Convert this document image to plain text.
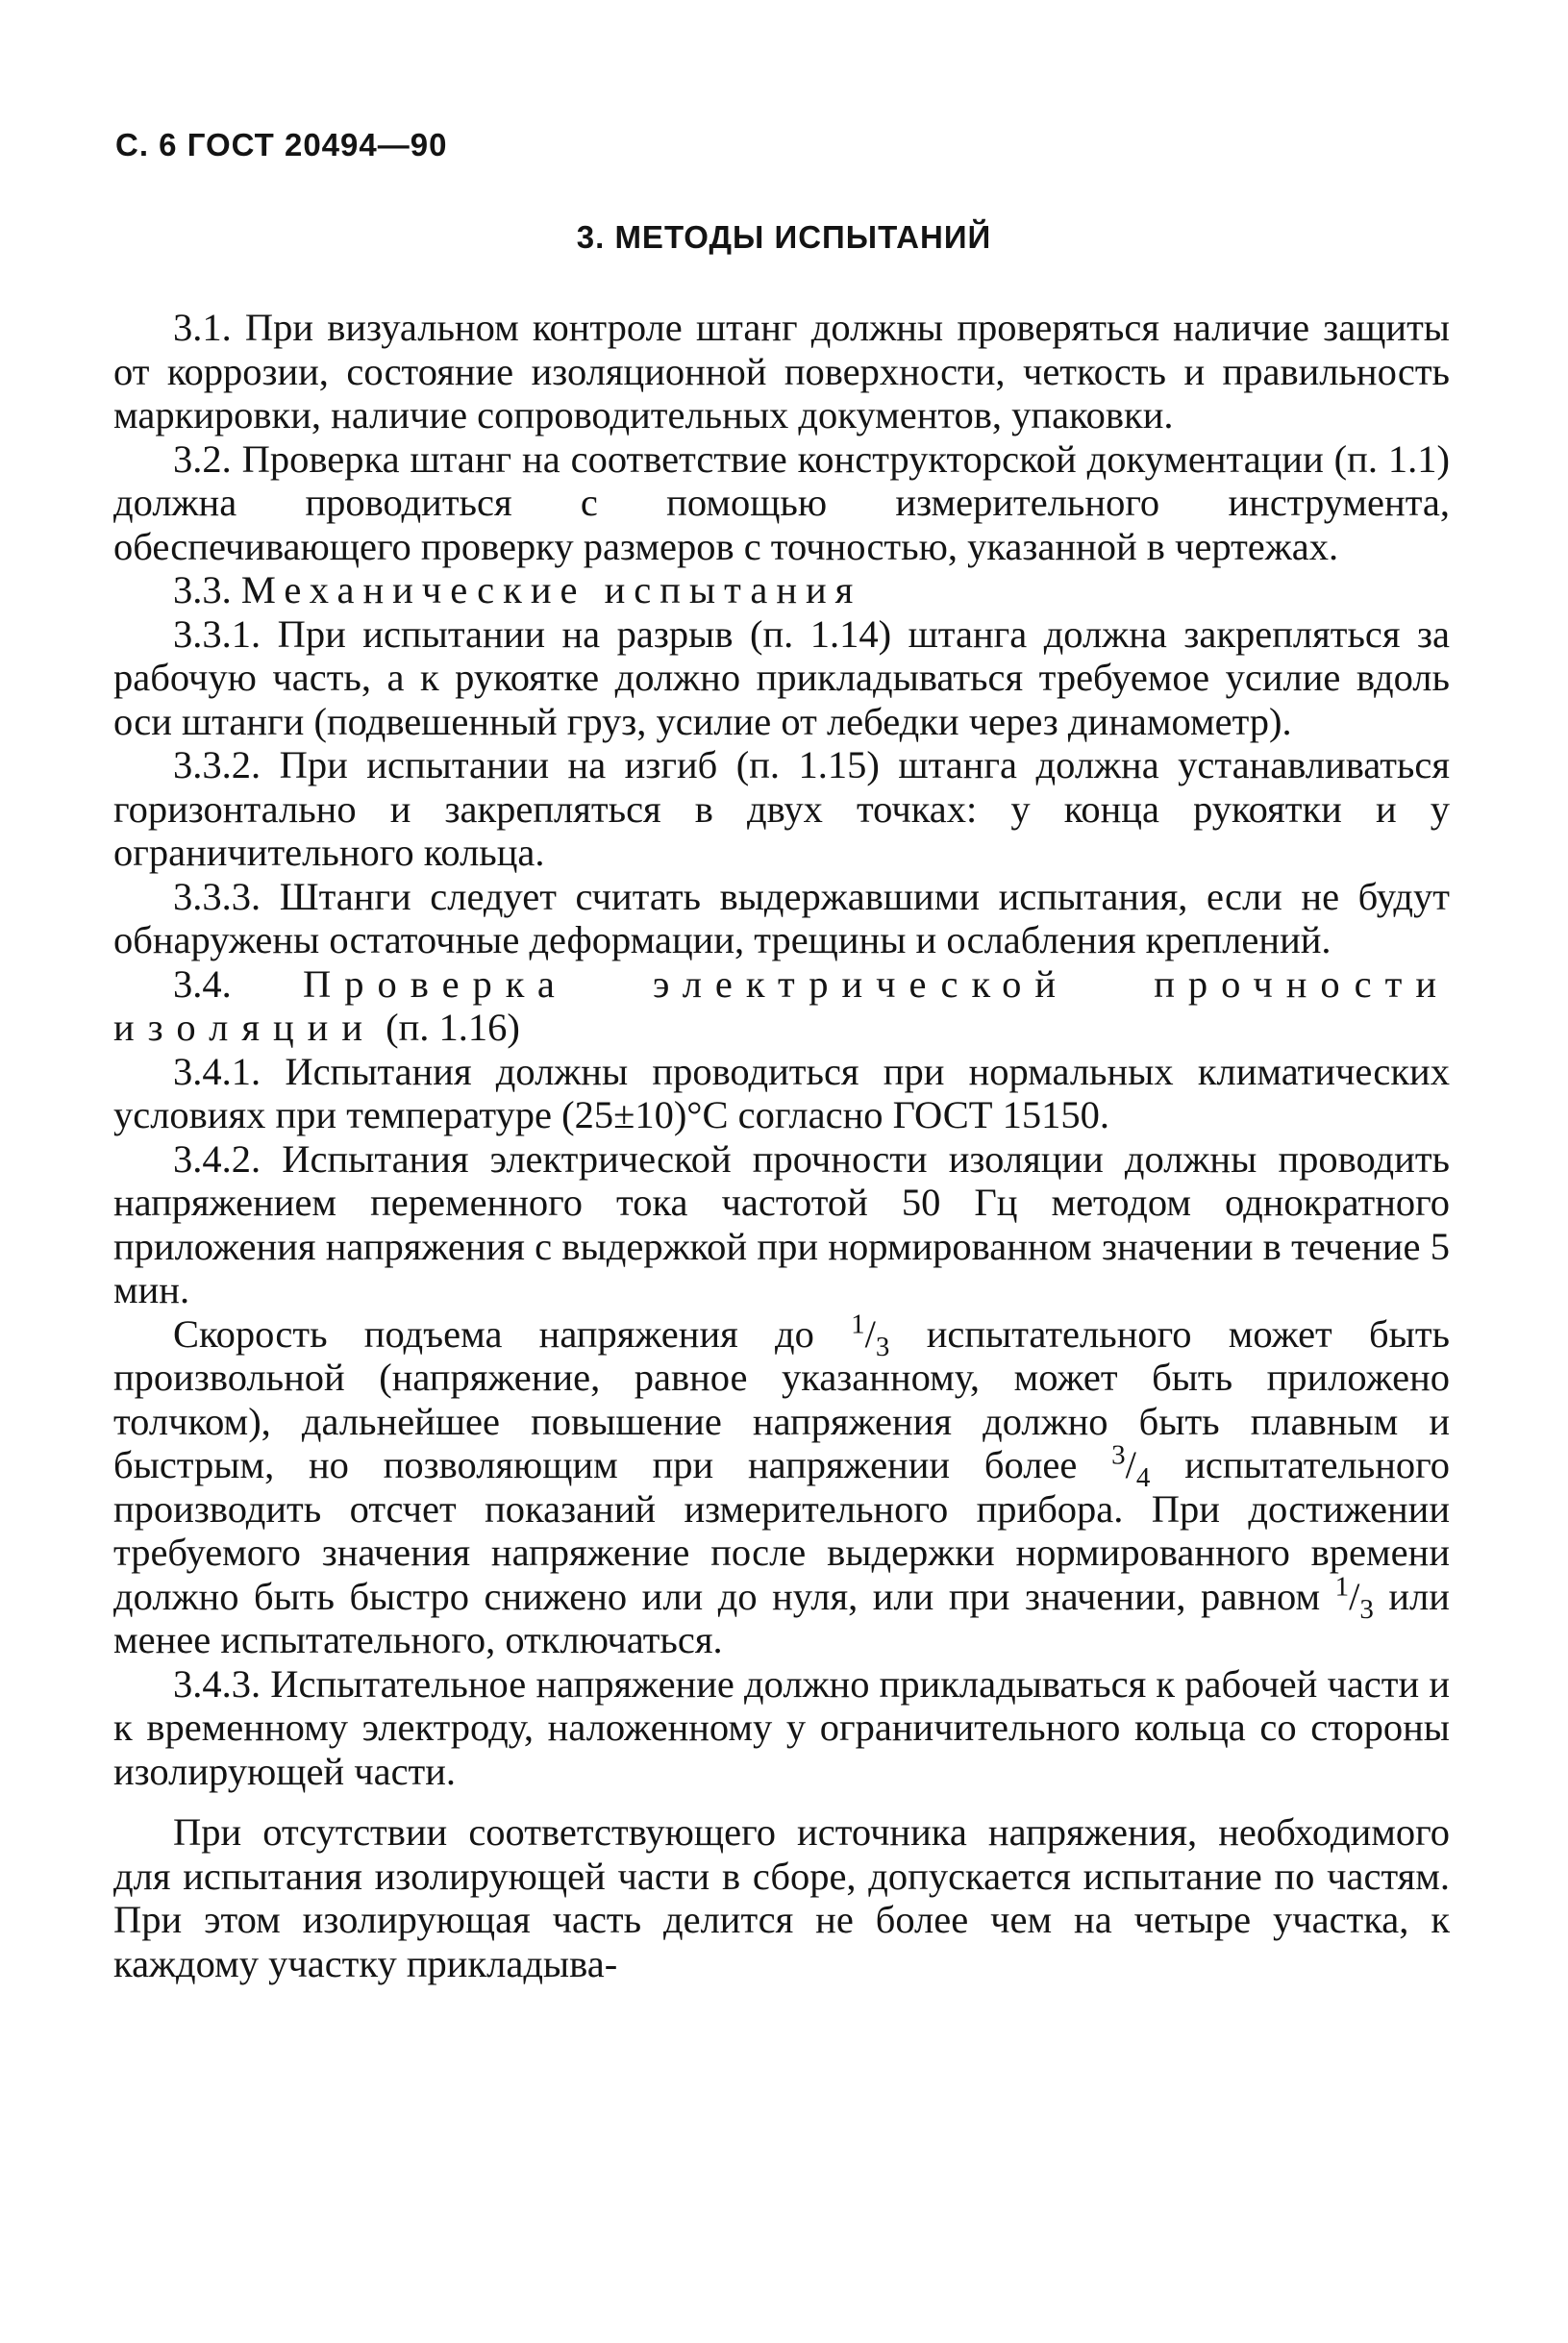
С. 6 ГОСТ 20494—90
3. МЕТОДЫ ИСПЫТАНИЙ

3.1. При визуальном контроле штанг должны проверяться наличие защиты от коррозии, состояние изоляционной поверхности, четкость и правильность маркировки, наличие сопроводительных документов, упаковки.

3.2. Проверка штанг на соответствие конструкторской документации (п. 1.1) должна проводиться с помощью измерительного инструмента, обеспечивающего проверку размеров с точностью, указанной в чертежах.

3.3. Механические испытания

3.3.1. При испытании на разрыв (п. 1.14) штанга должна закрепляться за рабочую часть, а к рукоятке должно прикладываться требуемое усилие вдоль оси штанги (подвешенный груз, усилие от лебедки через динамометр).

3.3.2. При испытании на изгиб (п. 1.15) штанга должна устанавливаться горизонтально и закрепляться в двух точках: у конца рукоятки и у ограничительного кольца.

3.3.3. Штанги следует считать выдержавшими испытания, если не будут обнаружены остаточные деформации, трещины и ослабления креплений.

3.4. Проверка электрической прочности изоляции (п. 1.16)

3.4.1. Испытания должны проводиться при нормальных климатических условиях при температуре (25±10)°С согласно ГОСТ 15150.

3.4.2. Испытания электрической прочности изоляции должны проводить напряжением переменного тока частотой 50 Гц методом однократного приложения напряжения с выдержкой при нормированном значении в течение 5 мин.

Скорость подъема напряжения до $^1/_3$ испытательного может быть произвольной (напряжение, равное указанному, может быть приложено толчком), дальнейшее повышение напряжения должно быть плавным и быстрым, но позволяющим при напряжении более $^3/_4$ испытательного производить отсчет показаний измерительного прибора. При достижении требуемого значения напряжение после выдержки нормированного времени должно быть быстро снижено или до нуля, или при значении, равном $^1/_3$ или менее испытательного, отключаться.

3.4.3. Испытательное напряжение должно прикладываться к рабочей части и к временному электроду, наложенному у ограничительного кольца со стороны изолирующей части.

При отсутствии соответствующего источника напряжения, необходимого для испытания изолирующей части в сборе, допускается испытание по частям. При этом изолирующая часть делится не более чем на четыре участка, к каждому участку прикладыва-
